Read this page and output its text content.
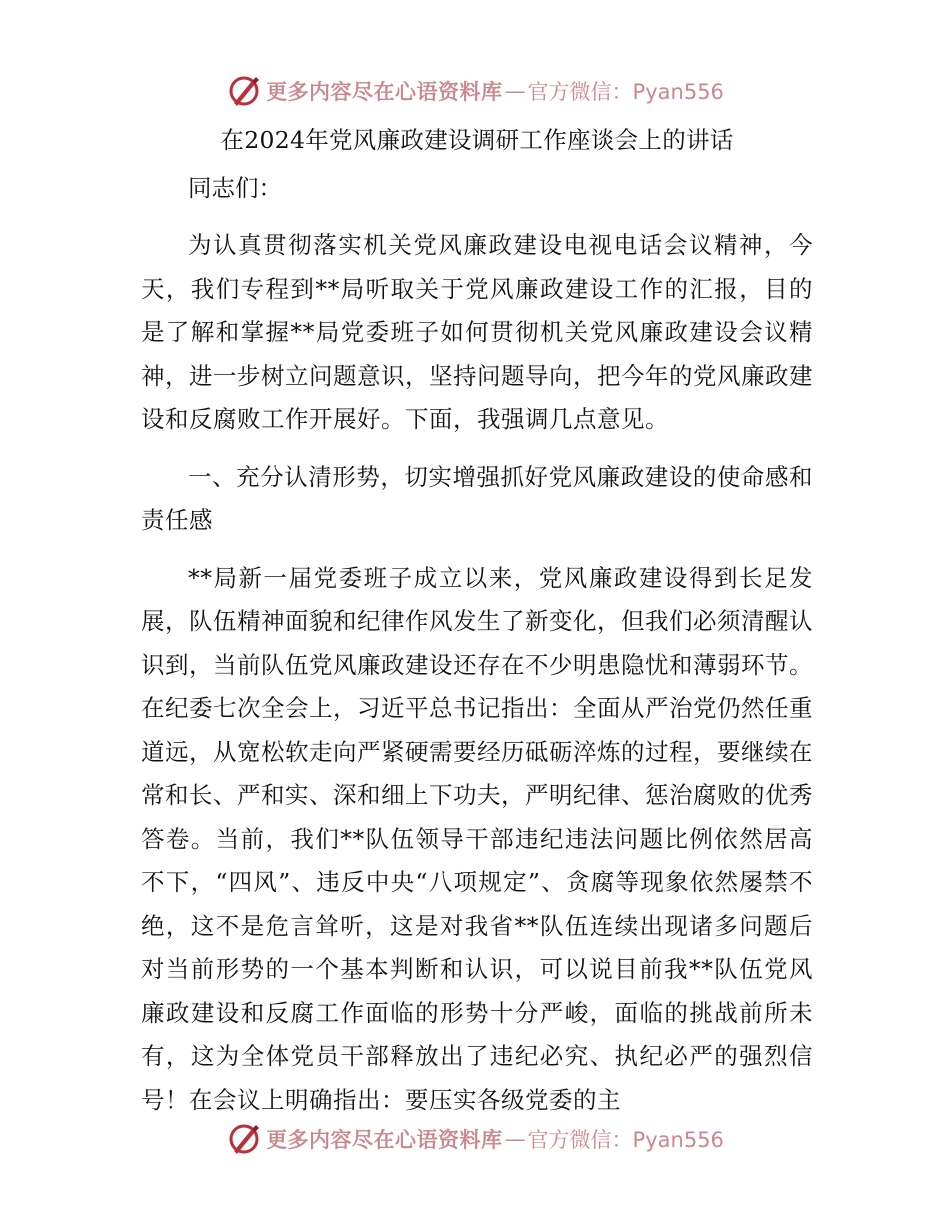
更多内容尽在心语资料库 — 官方微信：Pyan556
在2024年党风廉政建设调研工作座谈会上的讲话

同志们：

为认真贯彻落实机关党风廉政建设电视电话会议精神，今天，我们专程到**局听取关于党风廉政建设工作的汇报，目的是了解和掌握**局党委班子如何贯彻机关党风廉政建设会议精神，进一步树立问题意识，坚持问题导向，把今年的党风廉政建设和反腐败工作开展好。下面，我强调几点意见。

一、充分认清形势，切实增强抓好党风廉政建设的使命感和责任感

**局新一届党委班子成立以来，党风廉政建设得到长足发展，队伍精神面貌和纪律作风发生了新变化，但我们必须清醒认识到，当前队伍党风廉政建设还存在不少明患隐忧和薄弱环节。在纪委七次全会上，习近平总书记指出：全面从严治党仍然任重道远，从宽松软走向严紧硬需要经历砥砺淬炼的过程，要继续在常和长、严和实、深和细上下功夫，严明纪律、惩治腐败的优秀答卷。当前，我们**队伍领导干部违纪违法问题比例依然居高不下，“四风”、违反中央“八项规定”、贪腐等现象依然屡禁不绝，这不是危言耸听，这是对我省**队伍连续出现诸多问题后对当前形势的一个基本判断和认识，可以说目前我**队伍党风廉政建设和反腐工作面临的形势十分严峻，面临的挑战前所未有，这为全体党员干部释放出了违纪必究、执纪必严的强烈信号！在会议上明确指出：要压实各级党委的主

更多内容尽在心语资料库 — 官方微信：Pyan556
